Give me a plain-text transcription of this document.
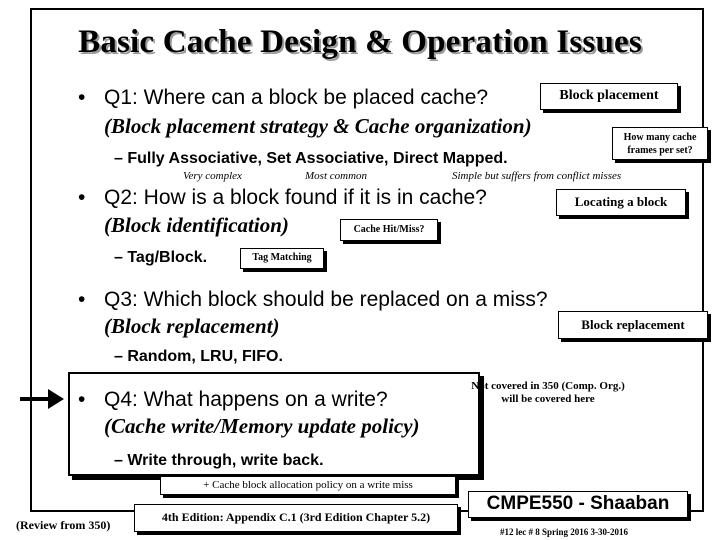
Basic Cache Design & Operation Issues
• Q1: Where can a block be placed cache?
(Block placement strategy & Cache organization)
Block placement
How many cache frames per set?
– Fully Associative, Set Associative, Direct Mapped.
Very complex	Most common	Simple but suffers from conflict misses
• Q2: How is a block found if it is in cache?	Locating a block
(Block identification)	Cache Hit/Miss?
– Tag/Block.	Tag Matching
• Q3: Which block should be replaced on a miss?
(Block replacement)	Block replacement
– Random, LRU, FIFO.
• Q4: What happens on a write?
(Cache write/Memory update policy)
– Write through, write back.
Not covered in 350 (Comp. Org.) will be covered here
+ Cache block allocation policy on a write miss
(Review from 350)
4th Edition: Appendix C.1 (3rd Edition Chapter 5.2)
CMPE550 - Shaaban
#12 lec # 8 Spring 2016 3-30-2016
